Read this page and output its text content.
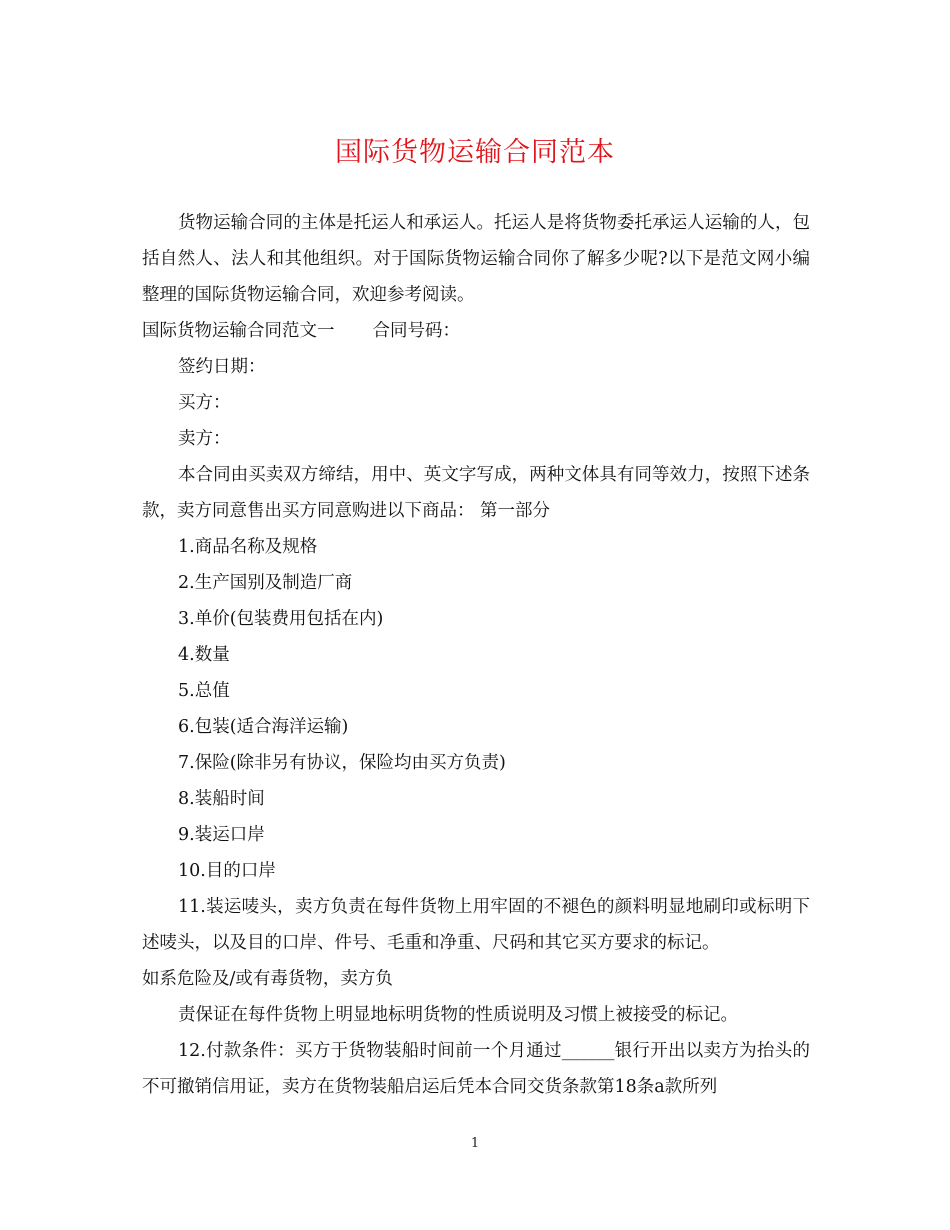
国际货物运输合同范本

货物运输合同的主体是托运人和承运人。托运人是将货物委托承运人运输的人，包括自然人、法人和其他组织。对于国际货物运输合同你了解多少呢?以下是范文网小编整理的国际货物运输合同，欢迎参考阅读。

国际货物运输合同范文一 合同号码：

签约日期：

买方：

卖方：

本合同由买卖双方缔结，用中、英文字写成，两种文体具有同等效力，按照下述条款，卖方同意售出买方同意购进以下商品： 第一部分

1.商品名称及规格

2.生产国别及制造厂商

3.单价(包装费用包括在内)

4.数量

5.总值

6.包装(适合海洋运输)

7.保险(除非另有协议，保险均由买方负责)

8.装船时间

9.装运口岸

10.目的口岸

11.装运唛头，卖方负责在每件货物上用牢固的不褪色的颜料明显地刷印或标明下述唛头，以及目的口岸、件号、毛重和净重、尺码和其它买方要求的标记。

如系危险及/或有毒货物，卖方负

责保证在每件货物上明显地标明货物的性质说明及习惯上被接受的标记。

12.付款条件：买方于货物装船时间前一个月通过______银行开出以卖方为抬头的不可撤销信用证，卖方在货物装船启运后凭本合同交货条款第18条a款所列

1
